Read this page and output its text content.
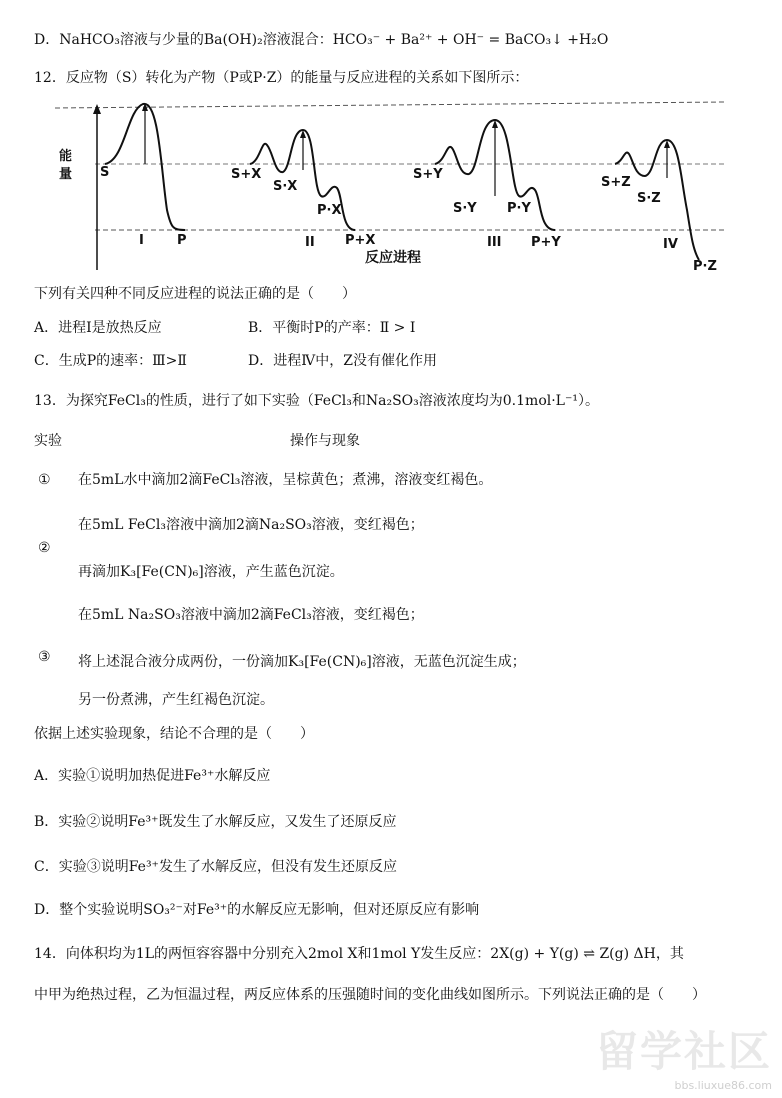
D．NaHCO₃溶液与少量的Ba(OH)₂溶液混合：HCO₃⁻ + Ba²⁺ + OH⁻ = BaCO₃↓ +H₂O
12．反应物（S）转化为产物（P或P·Z）的能量与反应进程的关系如下图所示：
能
量 S
I	P
S+X
S·X
P·X
II P+X
S+Y
S·Y P·Y
III P+Y
S+Z
S·Z
IV
P·Z
反应进程
下列有关四种不同反应进程的说法正确的是（　　）
A．进程Ⅰ是放热反应	B．平衡时P的产率：Ⅱ > Ⅰ
C．生成P的速率：Ⅲ>Ⅱ	D．进程Ⅳ中，Z没有催化作用
13．为探究FeCl₃的性质，进行了如下实验（FeCl₃和Na₂SO₃溶液浓度均为0.1mol·L⁻¹）。
实验	操作与现象
① 在5mL水中滴加2滴FeCl₃溶液，呈棕黄色；煮沸，溶液变红褐色。
在5mL FeCl₃溶液中滴加2滴Na₂SO₃溶液，变红褐色；
②
再滴加K₃[Fe(CN)₆]溶液，产生蓝色沉淀。
在5mL Na₂SO₃溶液中滴加2滴FeCl₃溶液，变红褐色；
③ 将上述混合液分成两份，一份滴加K₃[Fe(CN)₆]溶液，无蓝色沉淀生成；
另一份煮沸，产生红褐色沉淀。
依据上述实验现象，结论不合理的是（　　）
A．实验①说明加热促进Fe³⁺水解反应
B．实验②说明Fe³⁺既发生了水解反应，又发生了还原反应
C．实验③说明Fe³⁺发生了水解反应，但没有发生还原反应
D．整个实验说明SO₃²⁻对Fe³⁺的水解反应无影响，但对还原反应有影响
14．向体积均为1L的两恒容容器中分别充入2mol X和1mol Y发生反应：2X(g) + Y(g) ⇌ Z(g) ΔH，其
中甲为绝热过程，乙为恒温过程，两反应体系的压强随时间的变化曲线如图所示。下列说法正确的是（　　）
留学社区
bbs.liuxue86.com
